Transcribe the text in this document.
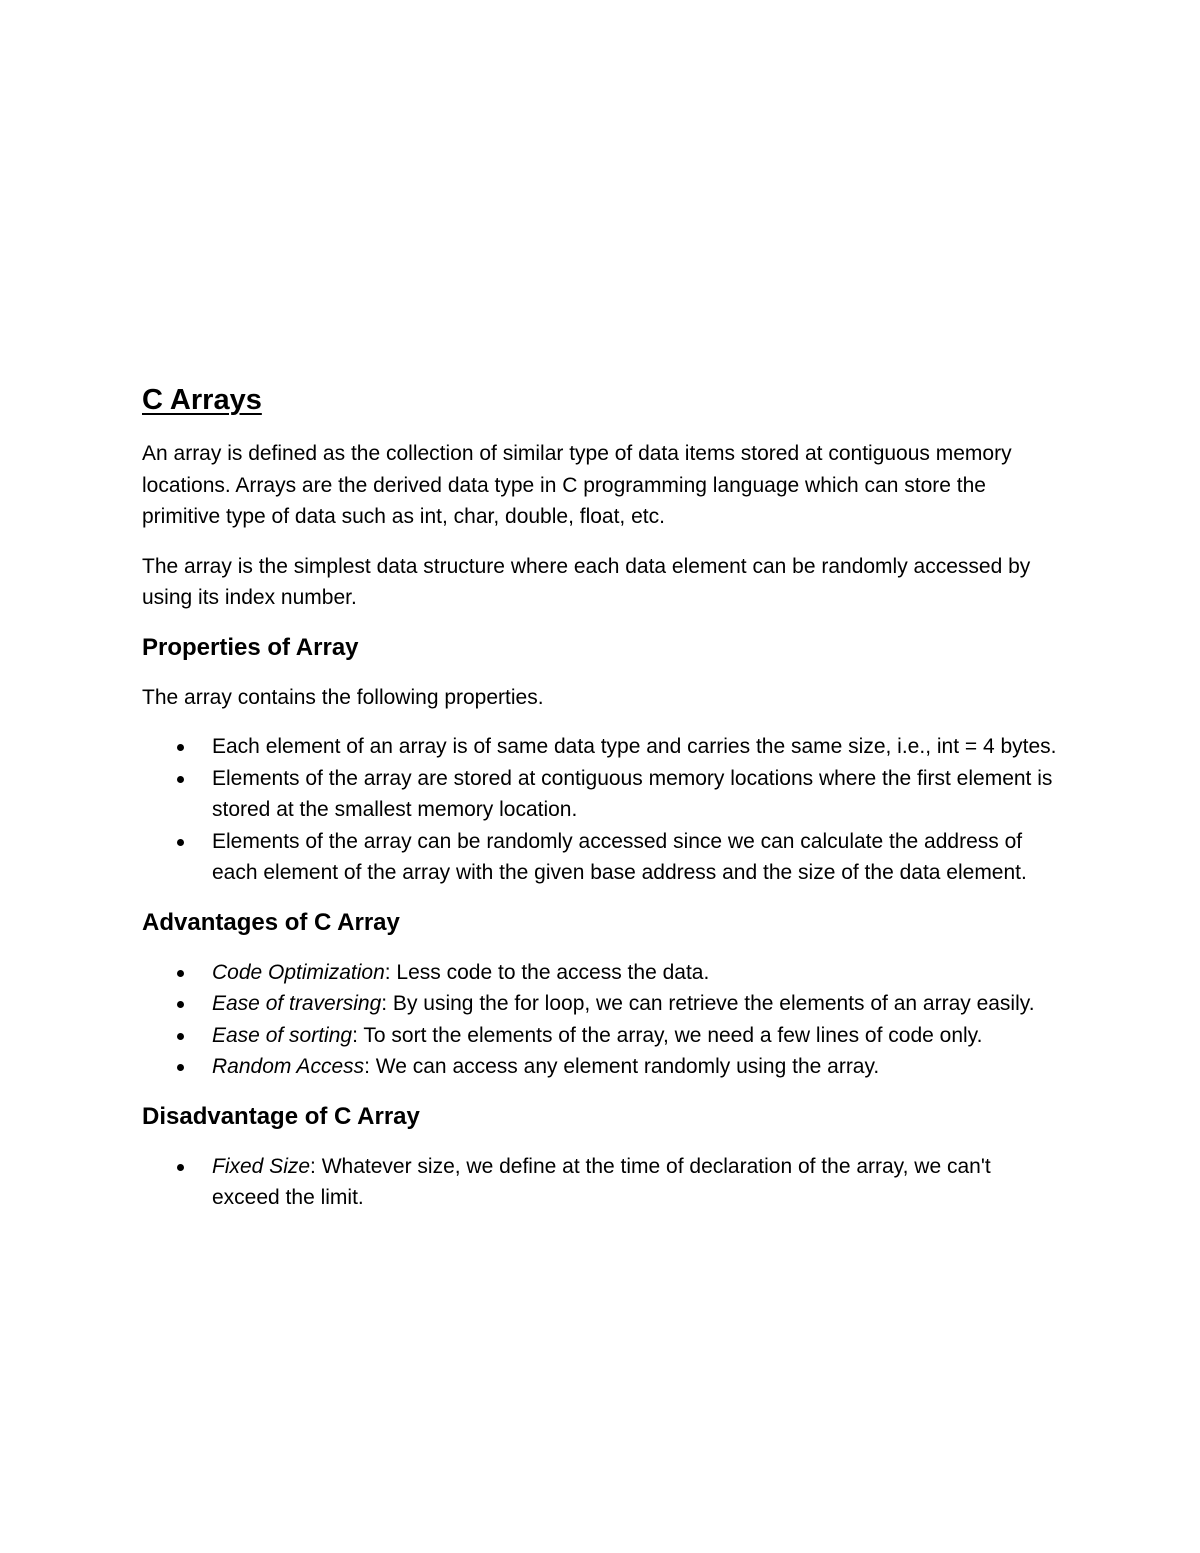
C Arrays

An array is defined as the collection of similar type of data items stored at contiguous memory locations. Arrays are the derived data type in C programming language which can store the primitive type of data such as int, char, double, float, etc.

The array is the simplest data structure where each data element can be randomly accessed by using its index number.

Properties of Array

The array contains the following properties.

Each element of an array is of same data type and carries the same size, i.e., int = 4 bytes.
Elements of the array are stored at contiguous memory locations where the first element is stored at the smallest memory location.
Elements of the array can be randomly accessed since we can calculate the address of each element of the array with the given base address and the size of the data element.
Advantages of C Array
Code Optimization: Less code to the access the data.
Ease of traversing: By using the for loop, we can retrieve the elements of an array easily.
Ease of sorting: To sort the elements of the array, we need a few lines of code only.
Random Access: We can access any element randomly using the array.
Disadvantage of C Array
Fixed Size: Whatever size, we define at the time of declaration of the array, we can't exceed the limit.
